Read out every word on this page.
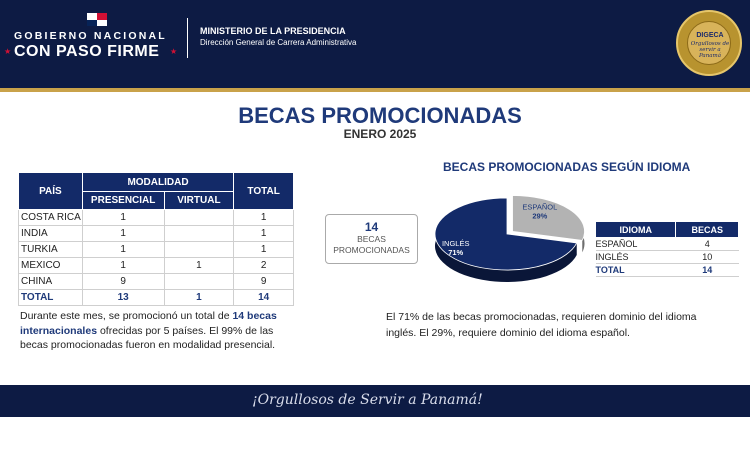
GOBIERNO NACIONAL
CON PASO FIRME
★	★
MINISTERIO DE LA PRESIDENCIA
Dirección General de Carrera Administrativa
DIGECA
Orgullosos de servir a Panamá
BECAS PROMOCIONADAS
ENERO 2025
PAÍS	MODALIDAD		TOTAL
	PRESENCIAL	VIRTUAL	
COSTA RICA	1		1
INDIA	1		1
TURKIA	1		1
MEXICO	1	1	2
CHINA	9		9
TOTAL	13	1	14
Durante este mes, se promocionó un total de 14 becas internacionales ofrecidas por 5 países. El 99% de las becas promocionadas fueron en modalidad presencial.
BECAS PROMOCIONADAS SEGÚN IDIOMA
14
BECAS
PROMOCIONADAS
ESPAÑOL
29%
INGLÉS
71%
IDIOMA	BECAS
ESPAÑOL	4
INGLÉS	10
TOTAL	14
El 71% de las becas promocionadas, requieren dominio del idioma inglés. El 29%, requiere dominio del idioma español.
¡Orgullosos de Servir a Panamá!
